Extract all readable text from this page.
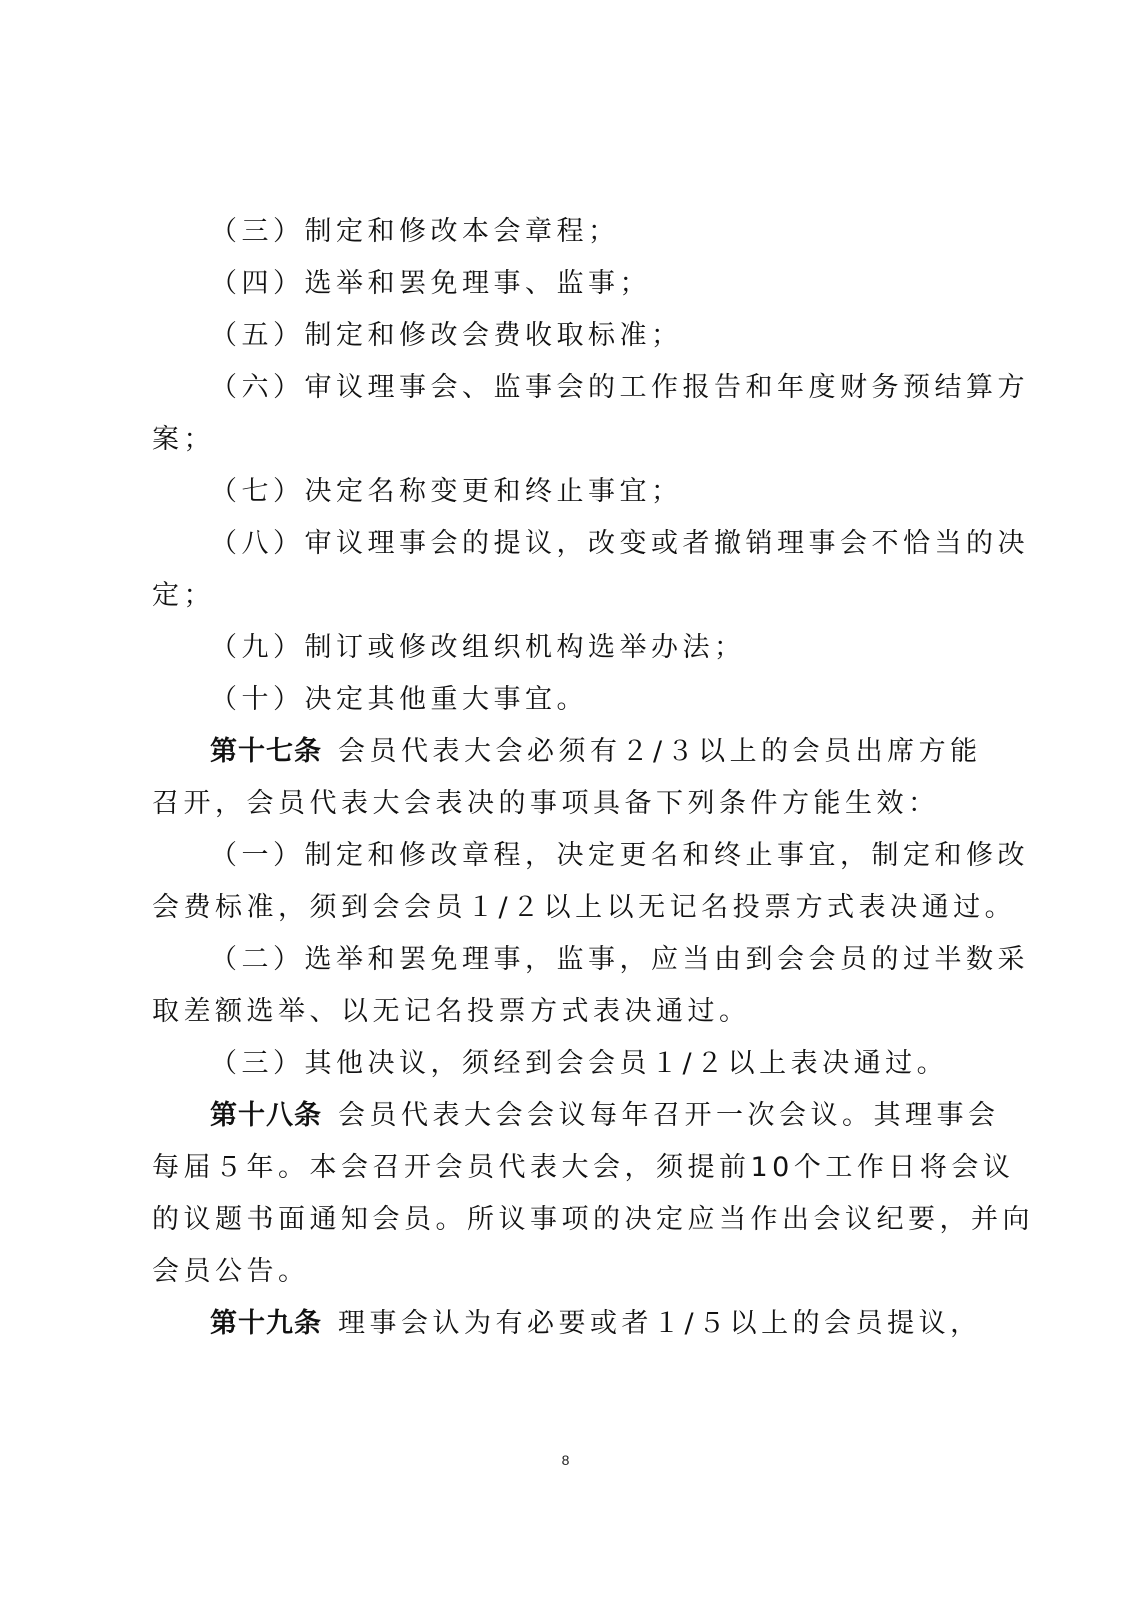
（三）制定和修改本会章程；
（四）选举和罢免理事、监事；
（五）制定和修改会费收取标准；
（六）审议理事会、监事会的工作报告和年度财务预结算方
案；
（七）决定名称变更和终止事宜；
（八）审议理事会的提议，改变或者撤销理事会不恰当的决
定；
（九）制订或修改组织机构选举办法；
（十）决定其他重大事宜。
第十七条 会员代表大会必须有２/３以上的会员出席方能
召开，会员代表大会表决的事项具备下列条件方能生效：
（一）制定和修改章程，决定更名和终止事宜，制定和修改
会费标准，须到会会员１/２以上以无记名投票方式表决通过。
（二）选举和罢免理事，监事，应当由到会会员的过半数采
取差额选举、以无记名投票方式表决通过。
（三）其他决议，须经到会会员１/２以上表决通过。
第十八条 会员代表大会会议每年召开一次会议。其理事会
每届５年。本会召开会员代表大会，须提前10个工作日将会议
的议题书面通知会员。所议事项的决定应当作出会议纪要，并向
会员公告。
第十九条 理事会认为有必要或者１/５以上的会员提议，
8
